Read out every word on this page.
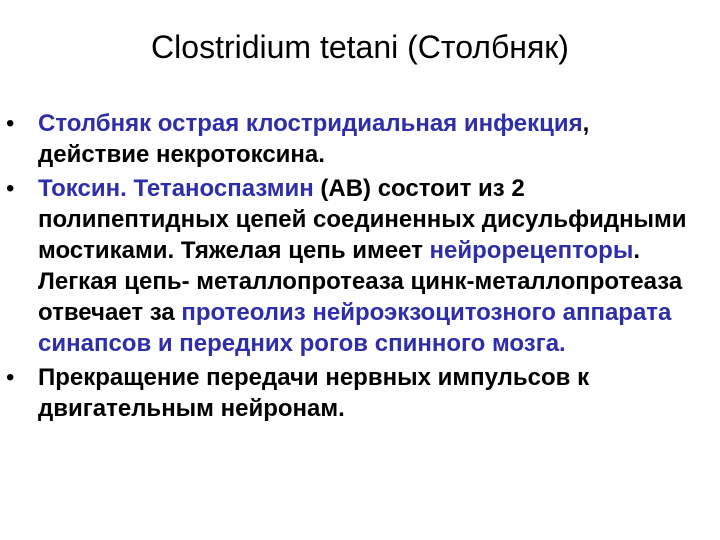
Clostridium tetani (Столбняк)
• Столбняк острая клостридиальная инфекция, действие некротоксина.
• Токсин. Тетаноспазмин (АВ) состоит из 2 полипептидных цепей соединенных дисульфидными мостиками. Тяжелая цепь имеет нейрорецепторы. Легкая цепь- металлопротеаза цинк-металлопротеаза отвечает за протеолиз нейроэкзоцитозного аппарата синапсов и передних рогов спинного мозга.
• Прекращение передачи нервных импульсов к двигательным нейронам.
